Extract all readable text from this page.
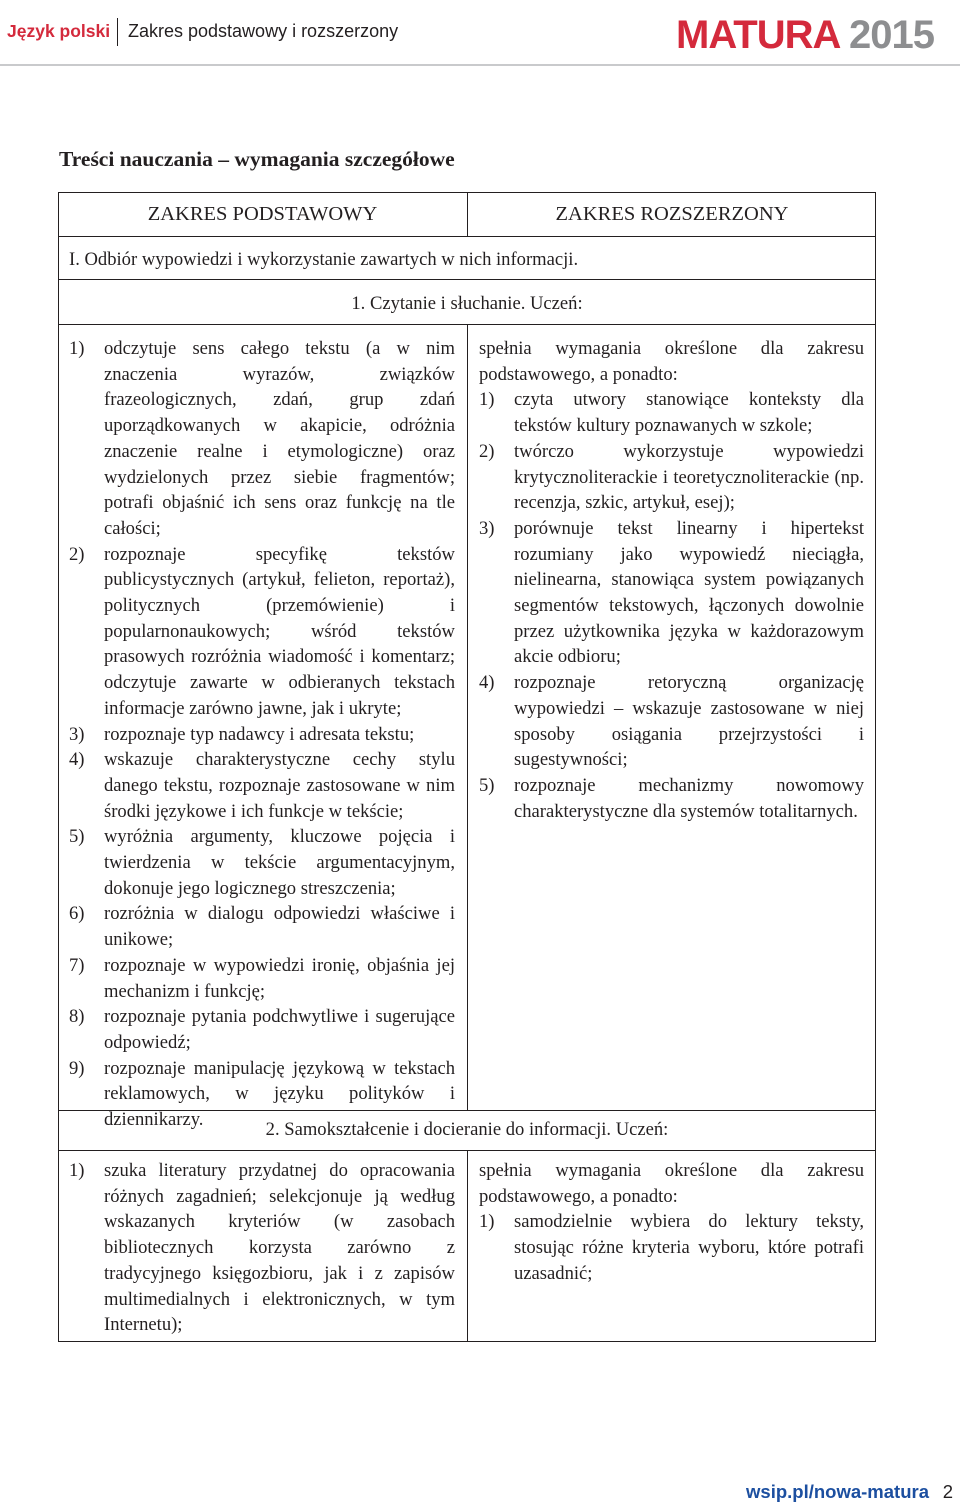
Język polski Zakres podstawowy i rozszerzony	MATURA 2015
Treści nauczania – wymagania szczegółowe
ZAKRES PODSTAWOWY	ZAKRES ROZSZERZONY
I. Odbiór wypowiedzi i wykorzystanie zawartych w nich informacji.
1. Czytanie i słuchanie. Uczeń:
1) odczytuje sens całego tekstu (a w nim znaczenia wyrazów, związków frazeologicznych, zdań, grup zdań uporządkowanych w akapicie, odróżnia znaczenie realne i etymologiczne) oraz wydzielonych przez siebie fragmentów; potrafi objaśnić ich sens oraz funkcję na tle całości;
2) rozpoznaje specyfikę tekstów publicystycznych (artykuł, felieton, reportaż), politycznych (przemówienie) i popularnonaukowych; wśród tekstów prasowych rozróżnia wiadomość i komentarz; odczytuje zawarte w odbieranych tekstach informacje zarówno jawne, jak i ukryte;
3) rozpoznaje typ nadawcy i adresata tekstu;
4) wskazuje charakterystyczne cechy stylu danego tekstu, rozpoznaje zastosowane w nim środki językowe i ich funkcje w tekście;
5) wyróżnia argumenty, kluczowe pojęcia i twierdzenia w tekście argumentacyjnym, dokonuje jego logicznego streszczenia;
6) rozróżnia w dialogu odpowiedzi właściwe i unikowe;
7) rozpoznaje w wypowiedzi ironię, objaśnia jej mechanizm i funkcję;
8) rozpoznaje pytania podchwytliwe i sugerujące odpowiedź;
9) rozpoznaje manipulację językową w tekstach reklamowych, w języku polityków i dziennikarzy.
spełnia wymagania określone dla zakresu podstawowego, a ponadto:
1) czyta utwory stanowiące konteksty dla tekstów kultury poznawanych w szkole;
2) twórczo wykorzystuje wypowiedzi krytycznoliterackie i teoretycznoliterackie (np. recenzja, szkic, artykuł, esej);
3) porównuje tekst linearny i hipertekst rozumiany jako wypowiedź nieciągła, nielinearna, stanowiąca system powiązanych segmentów tekstowych, łączonych dowolnie przez użytkownika języka w każdorazowym akcie odbioru;
4) rozpoznaje retoryczną organizację wypowiedzi – wskazuje zastosowane w niej sposoby osiągania przejrzystości i sugestywności;
5) rozpoznaje mechanizmy nowomowy charakterystyczne dla systemów totalitarnych.
2. Samokształcenie i docieranie do informacji. Uczeń:
1) szuka literatury przydatnej do opracowania różnych zagadnień; selekcjonuje ją według wskazanych kryteriów (w zasobach bibliotecznych korzysta zarówno z tradycyjnego księgozbioru, jak i z zapisów multimedialnych i elektronicznych, w tym Internetu);
spełnia wymagania określone dla zakresu podstawowego, a ponadto:
1) samodzielnie wybiera do lektury teksty, stosując różne kryteria wyboru, które potrafi uzasadnić;
wsip.pl/nowa-matura 2
